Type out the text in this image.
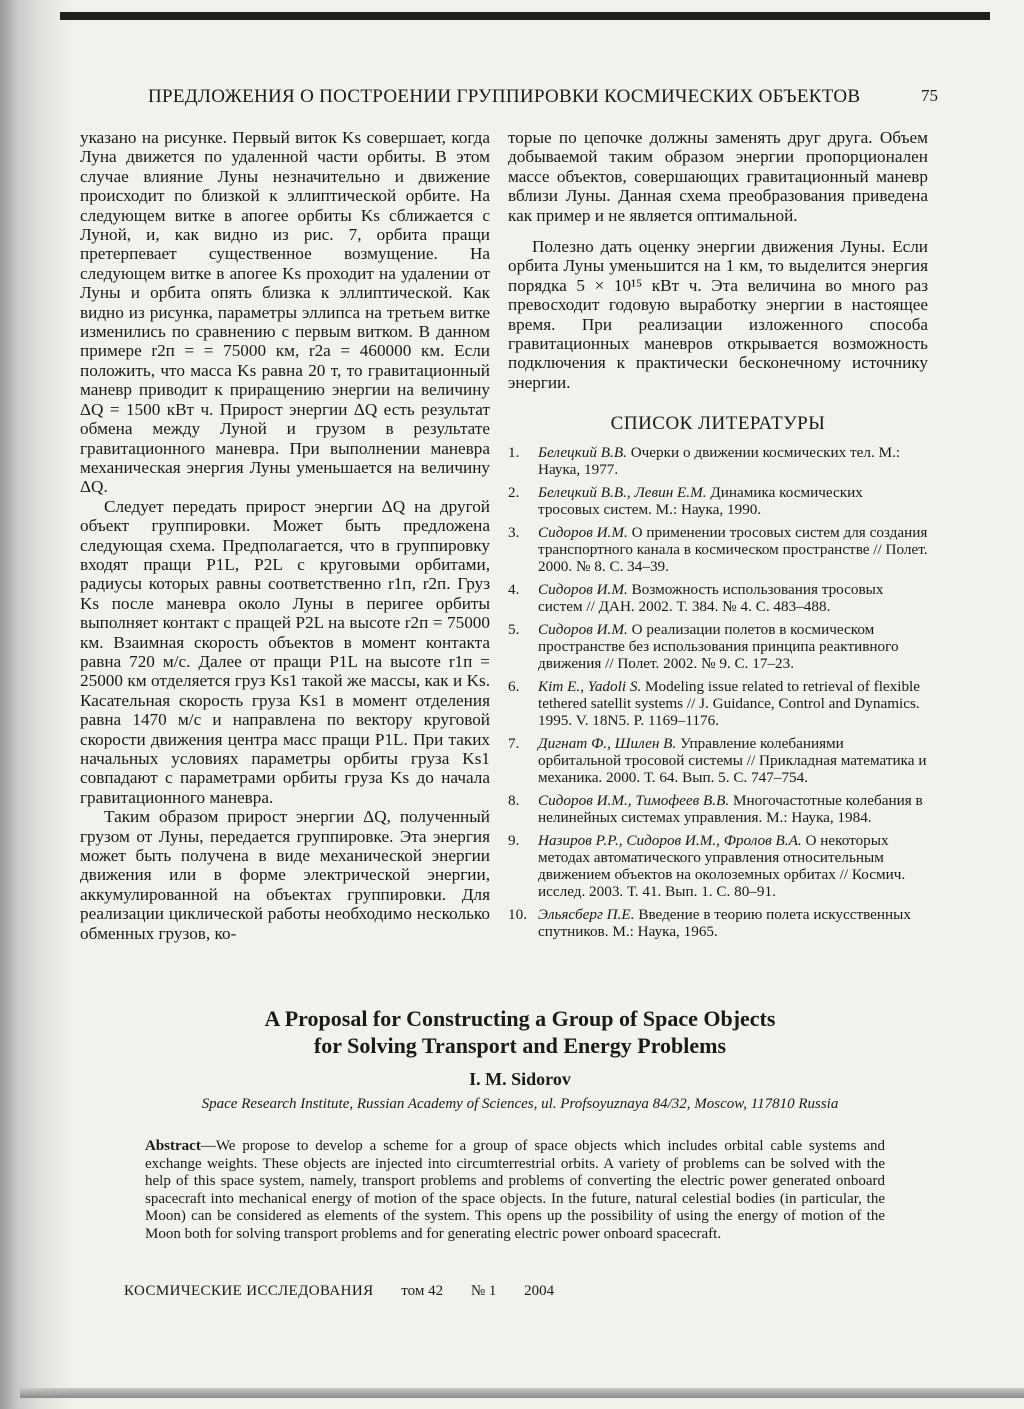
ПРЕДЛОЖЕНИЯ О ПОСТРОЕНИИ ГРУППИРОВКИ КОСМИЧЕСКИХ ОБЪЕКТОВ	75

указано на рисунке. Первый виток Ks совершает, когда Луна движется по удаленной части орбиты. В этом случае влияние Луны незначительно и движение происходит по близкой к эллиптической орбите. На следующем витке в апогее орбиты Ks сближается с Луной, и, как видно из рис. 7, орбита пращи претерпевает существенное возмущение. На следующем витке в апогее Ks проходит на удалении от Луны и орбита опять близка к эллиптической. Как видно из рисунка, параметры эллипса на третьем витке изменились по сравнению с первым витком. В данном примере r2п = = 75000 км, r2a = 460000 км. Если положить, что масса Ks равна 20 т, то гравитационный маневр приводит к приращению энергии на величину ΔQ = 1500 кВт ч. Прирост энергии ΔQ есть результат обмена между Луной и грузом в результате гравитационного маневра. При выполнении маневра механическая энергия Луны уменьшается на величину ΔQ.

Следует передать прирост энергии ΔQ на другой объект группировки. Может быть предложена следующая схема. Предполагается, что в группировку входят пращи P1L, P2L с круговыми орбитами, радиусы которых равны соответственно r1п, r2п. Груз Ks после маневра около Луны в перигее орбиты выполняет контакт с пращей P2L на высоте r2п = 75000 км. Взаимная скорость объектов в момент контакта равна 720 м/с. Далее от пращи P1L на высоте r1п = 25000 км отделяется груз Ks1 такой же массы, как и Ks. Касательная скорость груза Ks1 в момент отделения равна 1470 м/с и направлена по вектору круговой скорости движения центра масс пращи P1L. При таких начальных условиях параметры орбиты груза Ks1 совпадают с параметрами орбиты груза Ks до начала гравитационного маневра.

Таким образом прирост энергии ΔQ, полученный грузом от Луны, передается группировке. Эта энергия может быть получена в виде механической энергии движения или в форме электрической энергии, аккумулированной на объектах группировки. Для реализации циклической работы необходимо несколько обменных грузов, ко-

торые по цепочке должны заменять друг друга. Объем добываемой таким образом энергии пропорционален массе объектов, совершающих гравитационный маневр вблизи Луны. Данная схема преобразования приведена как пример и не является оптимальной.

Полезно дать оценку энергии движения Луны. Если орбита Луны уменьшится на 1 км, то выделится энергия порядка 5 × 10¹⁵ кВт ч. Эта величина во много раз превосходит годовую выработку энергии в настоящее время. При реализации изложенного способа гравитационных маневров открывается возможность подключения к практически бесконечному источнику энергии.

СПИСОК ЛИТЕРАТУРЫ
1.	Белецкий В.В. Очерки о движении космических тел. М.: Наука, 1977.
2.	Белецкий В.В., Левин Е.М. Динамика космических тросовых систем. М.: Наука, 1990.
3.	Сидоров И.М. О применении тросовых систем для создания транспортного канала в космическом пространстве // Полет. 2000. № 8. С. 34–39.
4.	Сидоров И.М. Возможность использования тросовых систем // ДАН. 2002. Т. 384. № 4. С. 483–488.
5.	Сидоров И.М. О реализации полетов в космическом пространстве без использования принципа реактивного движения // Полет. 2002. № 9. С. 17–23.
6.	Kim E., Yadoli S. Modeling issue related to retrieval of flexible tethered satellit systems // J. Guidance, Control and Dynamics. 1995. V. 18N5. P. 1169–1176.
7.	Дигнат Ф., Шилен В. Управление колебаниями орбитальной тросовой системы // Прикладная математика и механика. 2000. Т. 64. Вып. 5. С. 747–754.
8.	Сидоров И.М., Тимофеев В.В. Многочастотные колебания в нелинейных системах управления. М.: Наука, 1984.
9.	Назиров Р.Р., Сидоров И.М., Фролов В.А. О некоторых методах автоматического управления относительным движением объектов на околоземных орбитах // Космич. исслед. 2003. Т. 41. Вып. 1. С. 80–91.
10. Эльясберг П.Е. Введение в теорию полета искусственных спутников. М.: Наука, 1965.
A Proposal for Constructing a Group of Space Objects
for Solving Transport and Energy Problems
I. M. Sidorov
Space Research Institute, Russian Academy of Sciences, ul. Profsoyuznaya 84/32, Moscow, 117810 Russia
Abstract—We propose to develop a scheme for a group of space objects which includes orbital cable systems and exchange weights. These objects are injected into circumterrestrial orbits. A variety of problems can be solved with the help of this space system, namely, transport problems and problems of converting the electric power generated onboard spacecraft into mechanical energy of motion of the space objects. In the future, natural celestial bodies (in particular, the Moon) can be considered as elements of the system. This opens up the possibility of using the energy of motion of the Moon both for solving transport problems and for generating electric power onboard spacecraft.
КОСМИЧЕСКИЕ ИССЛЕДОВАНИЯ том 42 № 1 2004
